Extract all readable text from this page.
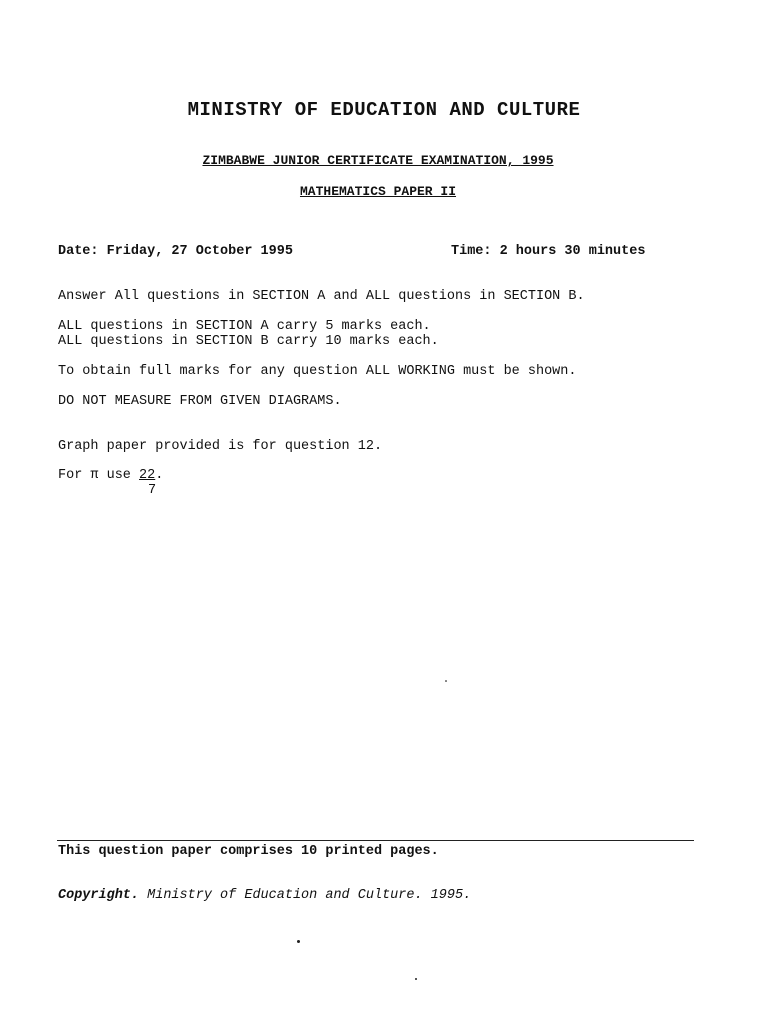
MINISTRY OF EDUCATION AND CULTURE
ZIMBABWE JUNIOR CERTIFICATE EXAMINATION, 1995
MATHEMATICS PAPER II
Date: Friday, 27 October 1995	Time: 2 hours 30 minutes
Answer All questions in SECTION A and ALL questions in SECTION B.
ALL questions in SECTION A carry 5 marks each.
ALL questions in SECTION B carry 10 marks each.
To obtain full marks for any question ALL WORKING must be shown.
DO NOT MEASURE FROM GIVEN DIAGRAMS.
Graph paper provided is for question 12.
For π use $\frac{22}{7}$ .
This question paper comprises 10 printed pages.
Copyright. Ministry of Education and Culture. 1995.
